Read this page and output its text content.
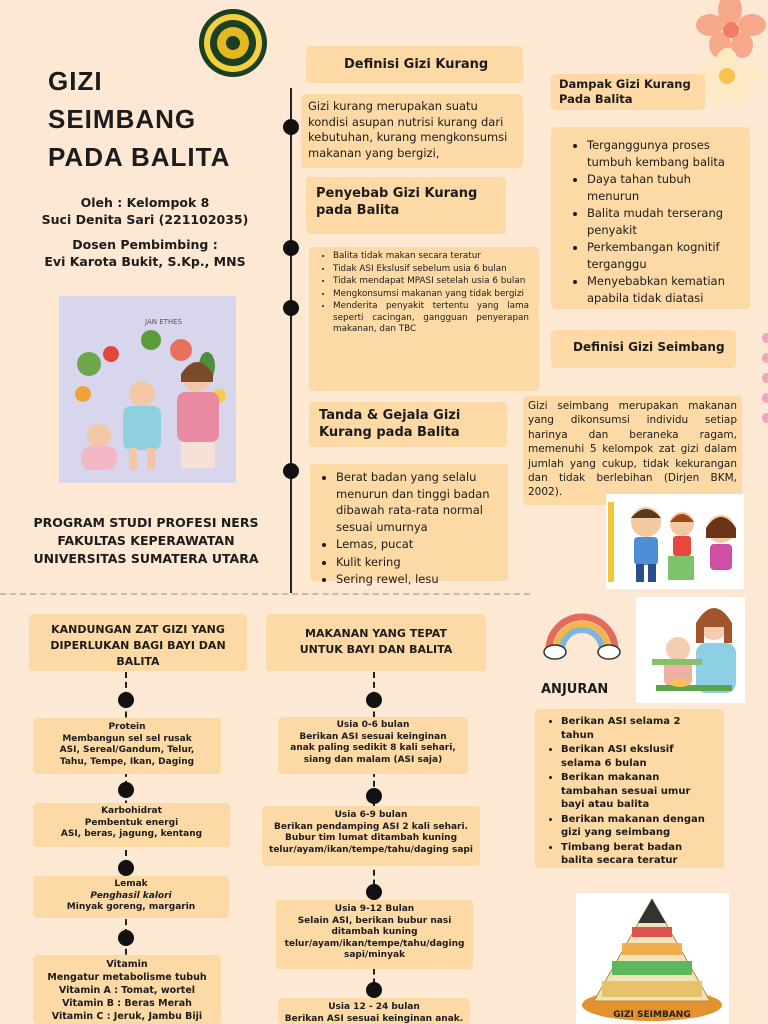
GIZI
SEIMBANG
PADA BALITA
Oleh : Kelompok 8
Suci Denita Sari (221102035)
Dosen Pembimbing :
Evi Karota Bukit, S.Kp., MNS
JAN ETHES
PROGRAM STUDI PROFESI NERS
FAKULTAS KEPERAWATAN
UNIVERSITAS SUMATERA UTARA
Definisi Gizi Kurang
Gizi kurang merupakan suatu kondisi asupan nutrisi kurang dari kebutuhan, kurang mengkonsumsi makanan yang bergizi,
Penyebab Gizi Kurang pada Balita
• Balita tidak makan secara teratur
• Tidak ASI Ekslusif sebelum usia 6 bulan
• Tidak mendapat MPASI setelah usia 6 bulan
• Mengkonsumsi makanan yang tidak bergizi
• Menderita penyakit tertentu yang lama seperti cacingan, gangguan penyerapan makanan, dan TBC
Tanda & Gejala Gizi Kurang pada Balita
• Berat badan yang selalu menurun dan tinggi badan dibawah rata-rata normal sesuai umurnya
• Lemas, pucat
• Kulit kering
• Sering rewel, lesu
Dampak Gizi Kurang Pada Balita
• Terganggunya proses tumbuh kembang balita
• Daya tahan tubuh menurun
• Balita mudah terserang penyakit
• Perkembangan kognitif terganggu
• Menyebabkan kematian apabila tidak diatasi
Definisi Gizi Seimbang
Gizi seimbang merupakan makanan yang dikonsumsi individu setiap harinya dan beraneka ragam, memenuhi 5 kelompok zat gizi dalam jumlah yang cukup, tidak kekurangan dan tidak berlebihan (Dirjen BKM, 2002).
ANJURAN
• Berikan ASI selama 2 tahun
• Berikan ASI ekslusif selama 6 bulan
• Berikan makanan tambahan sesuai umur bayi atau balita
• Berikan makanan dengan gizi yang seimbang
• Timbang berat badan balita secara teratur
GIZI SEIMBANG
KANDUNGAN ZAT GIZI YANG DIPERLUKAN BAGI BAYI DAN BALITA
Protein
Membangun sel sel rusak
ASI, Sereal/Gandum, Telur, Tahu, Tempe, Ikan, Daging
Karbohidrat
Pembentuk energi
ASI, beras, jagung, kentang
Lemak
Penghasil kalori
Minyak goreng, margarin
Vitamin
Mengatur metabolisme tubuh
Vitamin A : Tomat, wortel
Vitamin B : Beras Merah
Vitamin C : Jeruk, Jambu Biji
MAKANAN YANG TEPAT UNTUK BAYI DAN BALITA
Usia 0-6 bulan
Berikan ASI sesuai keinginan anak paling sedikit 8 kali sehari, siang dan malam (ASI saja)
Usia 6-9 bulan
Berikan pendamping ASI 2 kali sehari. Bubur tim lumat ditambah kuning telur/ayam/ikan/tempe/tahu/daging sapi
Usia 9-12 Bulan
Selain ASI, berikan bubur nasi ditambah kuning telur/ayam/ikan/tempe/tahu/daging sapi/minyak
Usia 12 - 24 bulan
Berikan ASI sesuai keinginan anak.
